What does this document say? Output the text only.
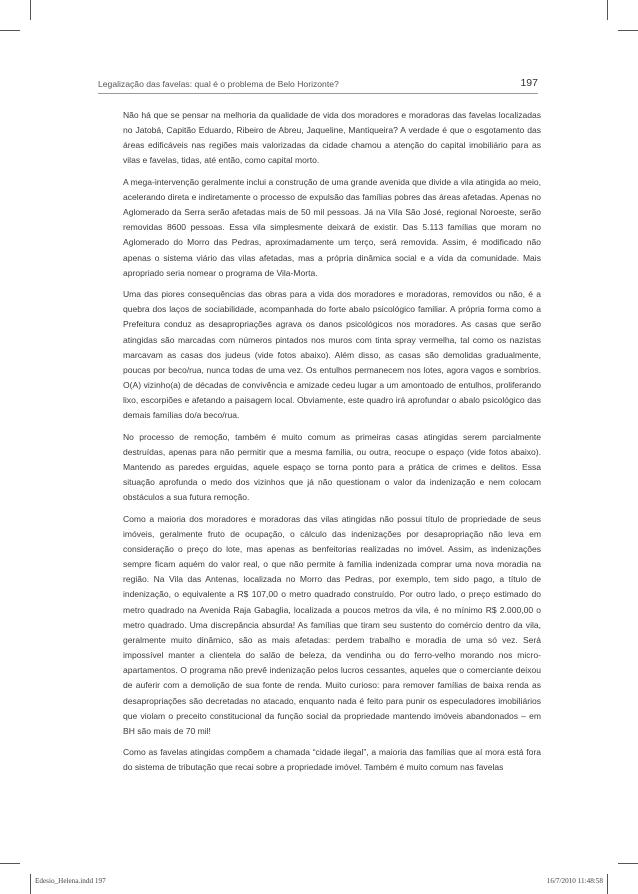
Legalização das favelas: qual é o problema de Belo Horizonte?	197

Não há que se pensar na melhoria da qualidade de vida dos moradores e moradoras das favelas localizadas no Jatobá, Capitão Eduardo, Ribeiro de Abreu, Jaqueline, Mantiqueira? A verdade é que o esgotamento das áreas edificáveis nas regiões mais valorizadas da cidade chamou a atenção do capital imobiliário para as vilas e favelas, tidas, até então, como capital morto.

A mega-intervenção geralmente inclui a construção de uma grande avenida que divide a vila atingida ao meio, acelerando direta e indiretamente o processo de expulsão das famílias pobres das áreas afetadas. Apenas no Aglomerado da Serra serão afetadas mais de 50 mil pessoas. Já na Vila São José, regional Noroeste, serão removidas 8600 pessoas. Essa vila simplesmente deixará de existir. Das 5.113 famílias que moram no Aglomerado do Morro das Pedras, aproximadamente um terço, será removida. Assim, é modificado não apenas o sistema viário das vilas afetadas, mas a própria dinâmica social e a vida da comunidade. Mais apropriado seria nomear o programa de Vila-Morta.

Uma das piores consequências das obras para a vida dos moradores e moradoras, removidos ou não, é a quebra dos laços de sociabilidade, acompanhada do forte abalo psicológico familiar. A própria forma como a Prefeitura conduz as desapropriações agrava os danos psicológicos nos moradores. As casas que serão atingidas são marcadas com números pintados nos muros com tinta spray vermelha, tal como os nazistas marcavam as casas dos judeus (vide fotos abaixo). Além disso, as casas são demolidas gradualmente, poucas por beco/rua, nunca todas de uma vez. Os entulhos permanecem nos lotes, agora vagos e sombrios. O(A) vizinho(a) de décadas de convivência e amizade cedeu lugar a um amontoado de entulhos, proliferando lixo, escorpiões e afetando a paisagem local. Obviamente, este quadro irá aprofundar o abalo psicológico das demais famílias do/a beco/rua.

No processo de remoção, também é muito comum as primeiras casas atingidas serem parcialmente destruídas, apenas para não permitir que a mesma família, ou outra, reocupe o espaço (vide fotos abaixo). Mantendo as paredes erguidas, aquele espaço se torna ponto para a prática de crimes e delitos. Essa situação aprofunda o medo dos vizinhos que já não questionam o valor da indenização e nem colocam obstáculos a sua futura remoção.

Como a maioria dos moradores e moradoras das vilas atingidas não possui título de propriedade de seus imóveis, geralmente fruto de ocupação, o cálculo das indenizações por desapropriação não leva em consideração o preço do lote, mas apenas as benfeitorias realizadas no imóvel. Assim, as indenizações sempre ficam aquém do valor real, o que não permite à família indenizada comprar uma nova moradia na região. Na Vila das Antenas, localizada no Morro das Pedras, por exemplo, tem sido pago, a título de indenização, o equivalente a R$ 107,00 o metro quadrado construído. Por outro lado, o preço estimado do metro quadrado na Avenida Raja Gabaglia, localizada a poucos metros da vila, é no mínimo R$ 2.000,00 o metro quadrado. Uma discrepância absurda! As famílias que tiram seu sustento do comércio dentro da vila, geralmente muito dinâmico, são as mais afetadas: perdem trabalho e moradia de uma só vez. Será impossível manter a clientela do salão de beleza, da vendinha ou do ferro-velho morando nos micro-apartamentos. O programa não prevê indenização pelos lucros cessantes, aqueles que o comerciante deixou de auferir com a demolição de sua fonte de renda. Muito curioso: para remover famílias de baixa renda as desapropriações são decretadas no atacado, enquanto nada é feito para punir os especuladores imobiliários que violam o preceito constitucional da função social da propriedade mantendo imóveis abandonados – em BH são mais de 70 mil!

Como as favelas atingidas compõem a chamada “cidade ilegal”, a maioria das famílias que aí mora está fora do sistema de tributação que recai sobre a propriedade imóvel. Também é muito comum nas favelas

Edesio_Helena.indd 197	16/7/2010 11:48:58
